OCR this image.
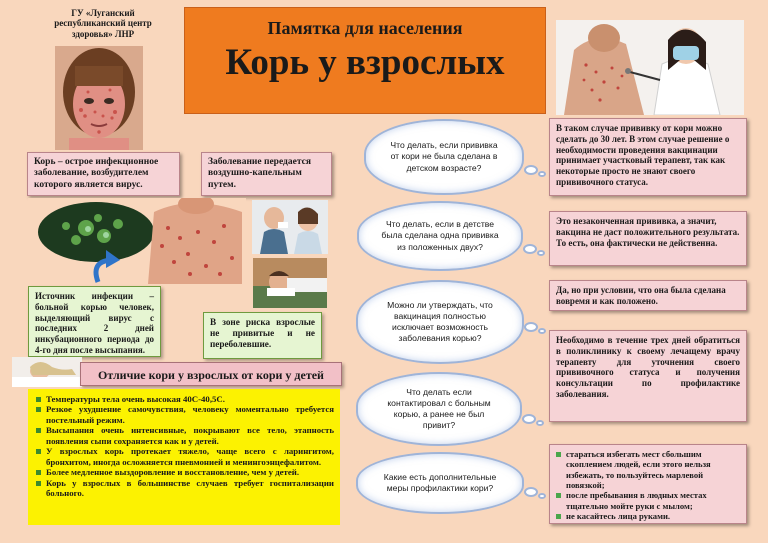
ГУ «Луганский республиканский центр здоровья» ЛНР	Памятка для населения
Корь у взрослых
Корь – острое инфекционное заболевание, возбудителем которого является вирус.
Заболевание передается воздушно-капельным путем.
Источник инфекции – больной корью человек, выделяющий вирус с последних 2 дней инкубационного периода до 4-го дня после высыпания.
В зоне риска взрослые не привитые и не переболевшие.
Отличие кори у взрослых от кори у детей
Температуры тела очень высокая 40С-40,5С.
Резкое ухудшение самочувствия, человеку моментально требуется постельный режим.
Высыпания очень интенсивные, покрывают все тело, этапность появления сыпи сохраняется как и у детей.
У взрослых корь протекает тяжело, чаще всего с ларингитом, бронхитом, иногда осложняется пневмонией и менингоэнцефалитом.
Более медленное выздоровление и восстановление, чем у детей.
Корь у взрослых в большинстве случаев требует госпитализации больного.
Что делать, если прививка от кори не была сделана в детском возрасте?
Что делать, если в детстве была сделана одна прививка из положенных двух?
Можно ли утверждать, что вакцинация полностью исключает возможность заболевания корью?
Что делать если контактировал с больным корью, а ранее не был привит?
Какие есть дополнительные меры профилактики кори?
В таком случае прививку от кори можно сделать до 30 лет. В этом случае решение о необходимости проведения вакцинации принимает участковый терапевт, так как некоторые просто не знают своего прививочного статуса.
Это незаконченная прививка, а значит, вакцина не даст положительного результата. То есть, она фактически не действенна.
Да, но при условии, что она была сделана вовремя и как положено.
Необходимо в течение трех дней обратиться в поликлинику к своему лечащему врачу терапевту для уточнения своего прививочного статуса и получения консультации по профилактике заболевания.
стараться избегать мест сбольшим скоплением людей, если этого нельзя избежать, то пользуйтесь марлевой повязкой;
после пребывания в людных местах тщательно мойте руки с мылом;
не касайтесь лица руками.
